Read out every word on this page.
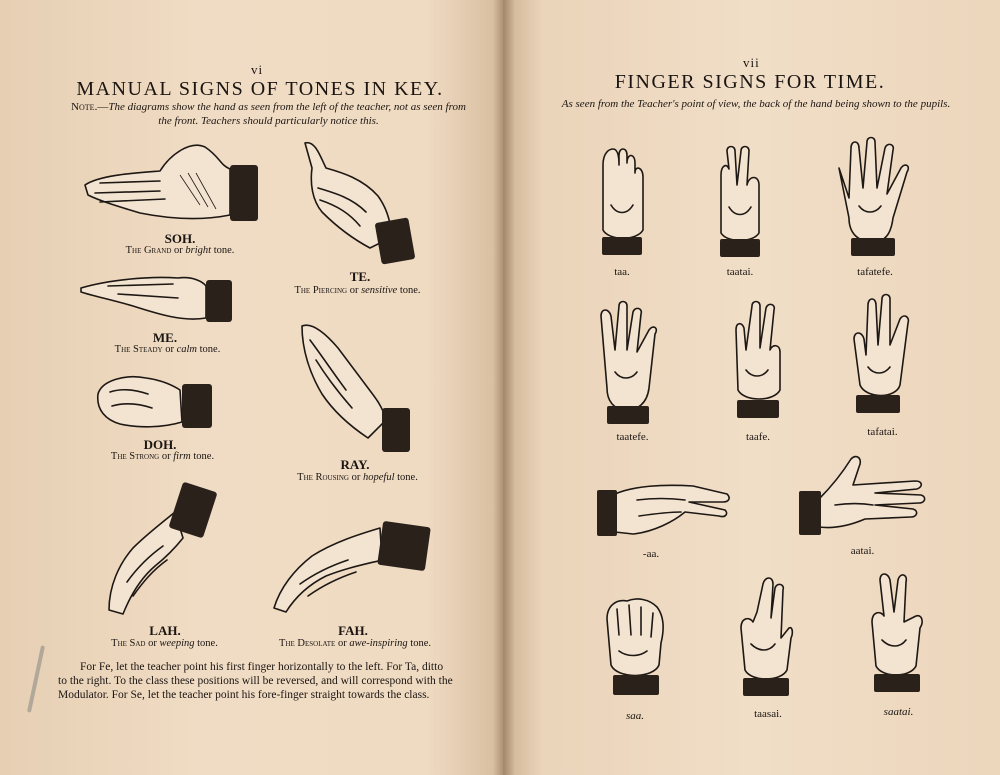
vi
MANUAL SIGNS OF TONES IN KEY.
Note.—The diagrams show the hand as seen from the left of the teacher, not as seen from the front. Teachers should particularly notice this.
SOH.
The Grand or bright tone.
TE.
The Piercing or sensitive tone.
ME.
The Steady or calm tone.
RAY.
The Rousing or hopeful tone.
DOH.
The Strong or firm tone.
LAH.
The Sad or weeping tone.
FAH.
The Desolate or awe-inspiring tone.
For Fe, let the teacher point his first finger horizontally to the left. For Ta, ditto to the right. To the class these positions will be reversed, and will correspond with the Modulator. For Se, let the teacher point his fore-finger straight towards the class.
vii
FINGER SIGNS FOR TIME.
As seen from the Teacher's point of view, the back of the hand being shown to the pupils.
taa.	taatai.	tafatefe.
taatefe.	taafe.	tafatai.
-aa.	aatai.
saa.	taasai.	saatai.
